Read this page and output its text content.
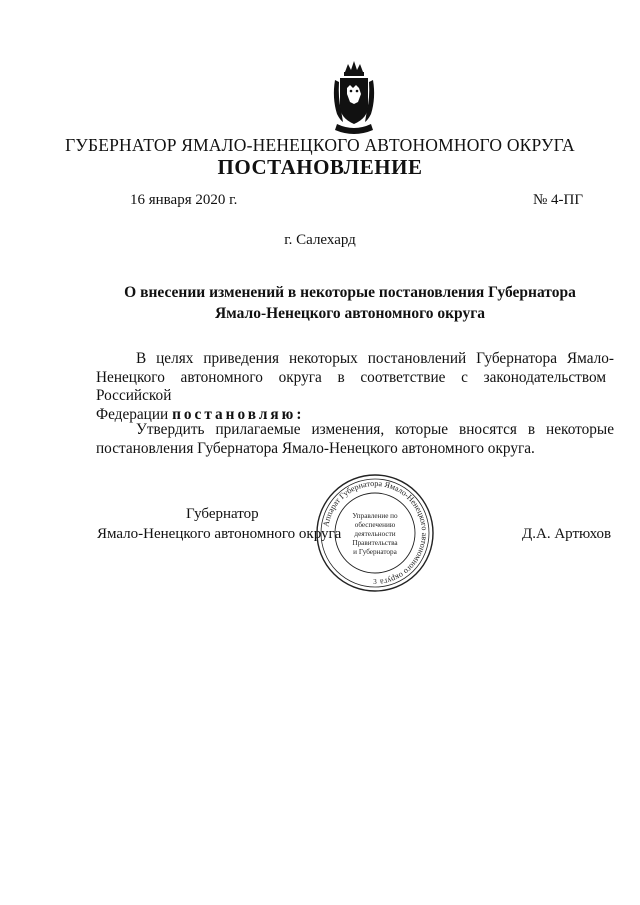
ГУБЕРНАТОР ЯМАЛО-НЕНЕЦКОГО АВТОНОМНОГО ОКРУГА
ПОСТАНОВЛЕНИЕ
16 января 2020 г.	№ 4-ПГ
г. Салехард
О внесении изменений в некоторые постановления Губернатора
Ямало-Ненецкого автономного округа
В целях приведения некоторых постановлений Губернатора Ямало-
Ненецкого автономного округа в соответствие с законодательством Российской
Федерации постановляю:
Утвердить прилагаемые изменения, которые вносятся в некоторые
постановления Губернатора Ямало-Ненецкого автономного округа.
Губернатор
Ямало-Ненецкого автономного округа	Д.А. Артюхов
Аппарат Губернатора Ямало-Ненецкого автономного округа
Управление по
обеспечению
деятельности
Правительства
и Губернатора
3
